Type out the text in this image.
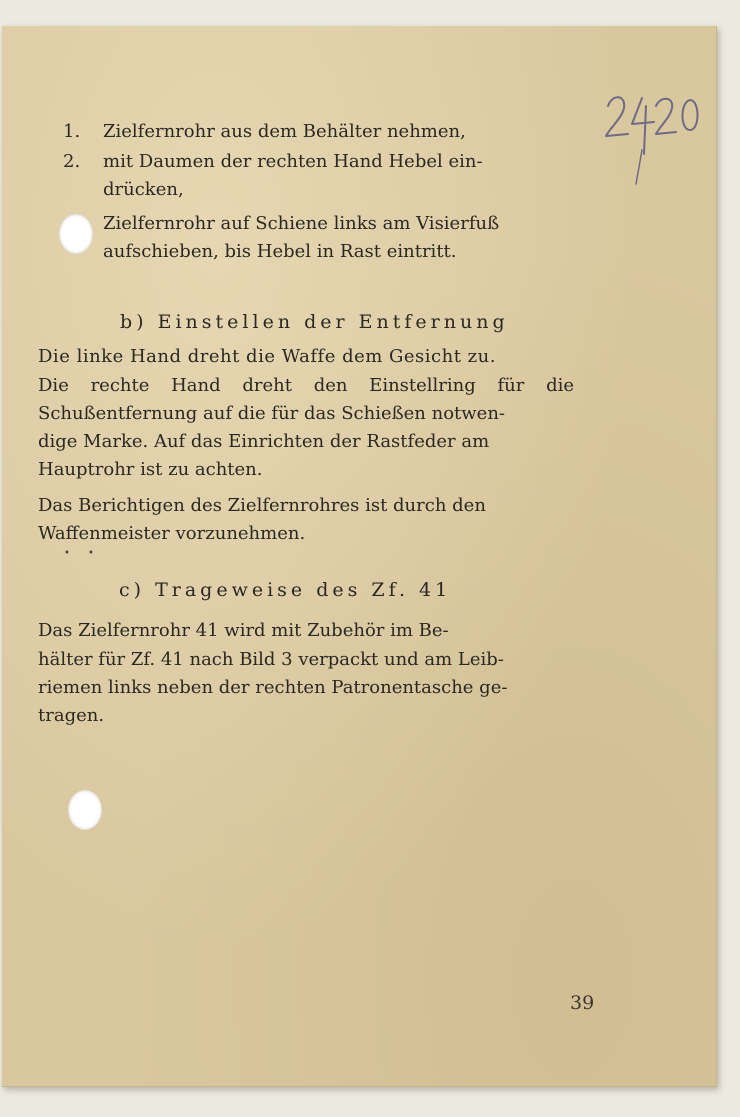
1. Zielfernrohr aus dem Behälter nehmen,
2. mit Daumen der rechten Hand Hebel ein-
drücken,
Zielfernrohr auf Schiene links am Visierfuß
aufschieben, bis Hebel in Rast eintritt.
b) Einstellen der Entfernung
Die linke Hand dreht die Waffe dem Gesicht zu.
Die rechte Hand dreht den Einstellring für die
Schußentfernung auf die für das Schießen notwen-
dige Marke. Auf das Einrichten der Rastfeder am
Hauptrohr ist zu achten.
Das Berichtigen des Zielfernrohres ist durch den
Waffenmeister vorzunehmen.
• •
c) Trageweise des Zf. 41
Das Zielfernrohr 41 wird mit Zubehör im Be-
hälter für Zf. 41 nach Bild 3 verpackt und am Leib-
riemen links neben der rechten Patronentasche ge-
tragen.
39
